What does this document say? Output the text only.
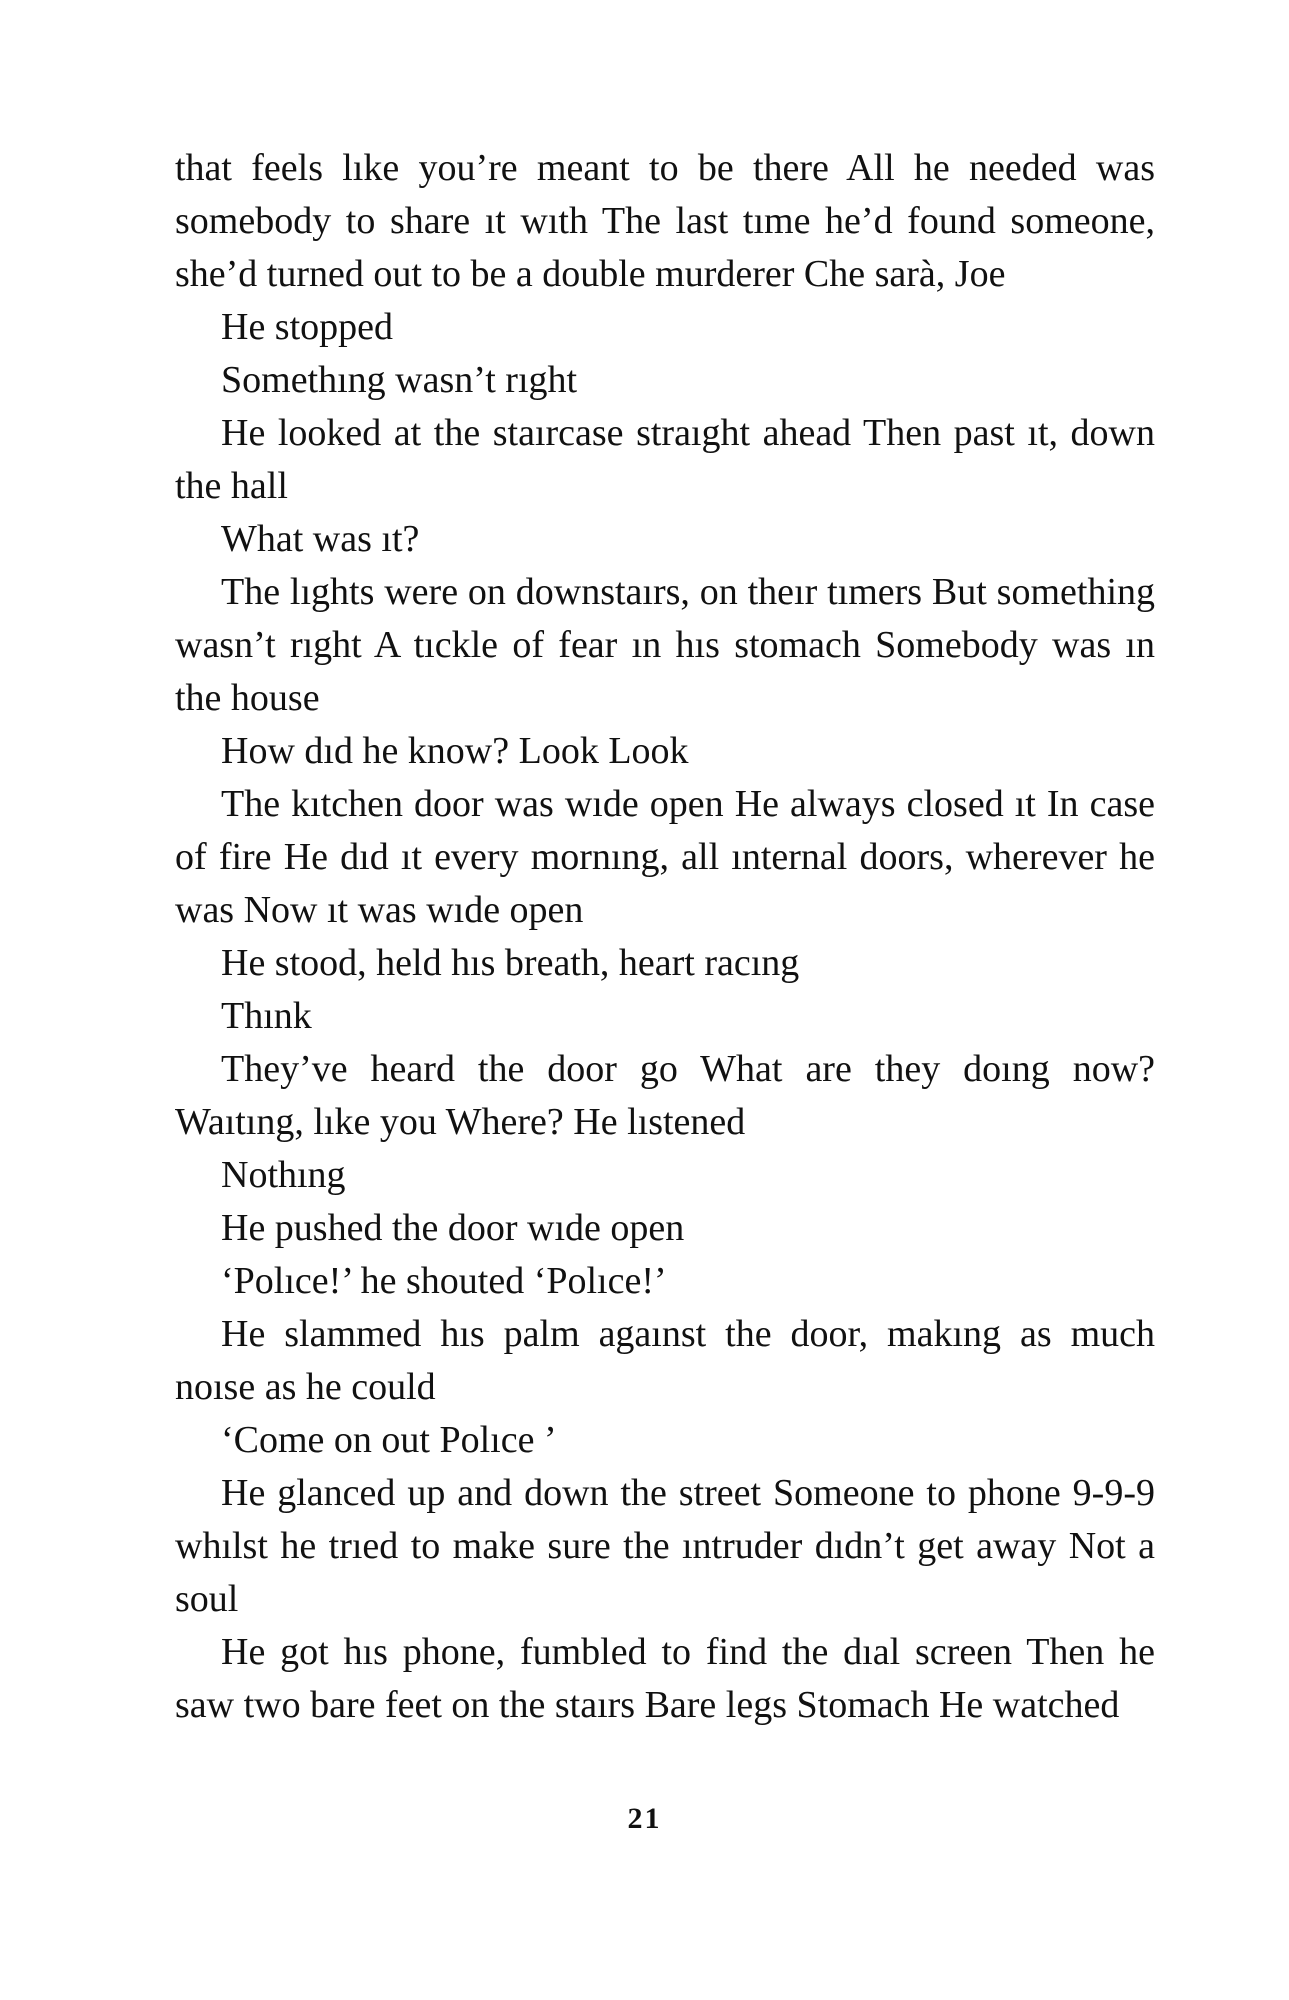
that feels lıke you’re meant to be there All he needed was somebody to share ıt wıth The last tıme he’d found someone, she’d turned out to be a double murderer Che sarà, Joe

He stopped

Somethıng wasn’t rıght

He looked at the staırcase straıght ahead Then past ıt, down the hall

What was ıt?

The lıghts were on downstaırs, on theır tımers But something wasn’t rıght A tıckle of fear ın hıs stomach Somebody was ın the house

How dıd he know? Look Look

The kıtchen door was wıde open He always closed ıt In case of fire He dıd ıt every mornıng, all ınternal doors, wherever he was Now ıt was wıde open

He stood, held hıs breath, heart racıng

Thınk

They’ve heard the door go What are they doıng now? Waıtıng, lıke you Where? He lıstened

Nothıng

He pushed the door wıde open

‘Polıce!’ he shouted ‘Polıce!’

He slammed hıs palm agaınst the door, makıng as much noıse as he could

‘Come on out Polıce ’

He glanced up and down the street Someone to phone 9-9-9 whılst he trıed to make sure the ıntruder dıdn’t get away Not a soul

He got hıs phone, fumbled to find the dıal screen Then he saw two bare feet on the staırs Bare legs Stomach He watched

21
